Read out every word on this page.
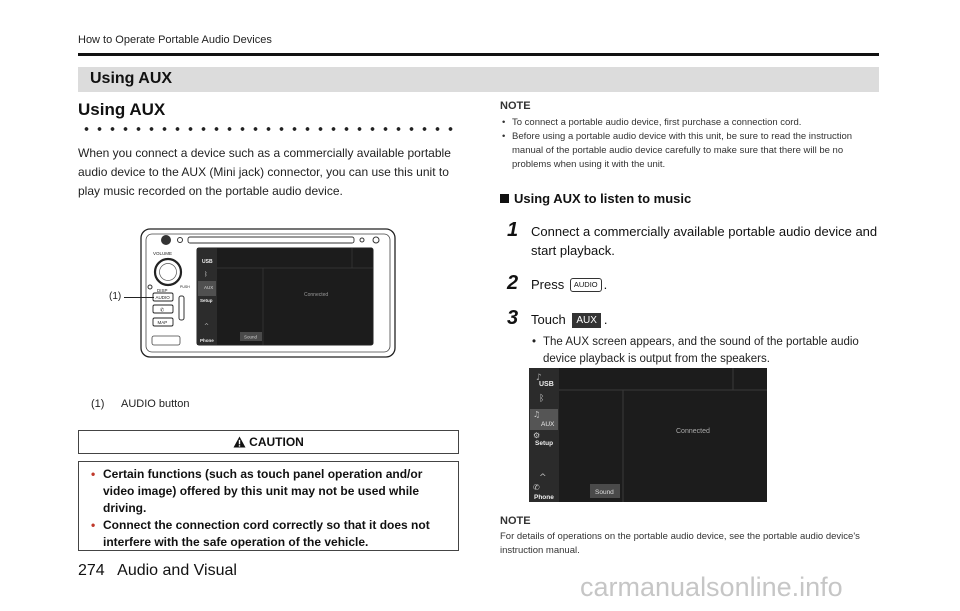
How to Operate Portable Audio Devices
Using AUX
Using AUX
When you connect a device such as a commercially available portable audio device to the AUX (Mini jack) connector, you can use this unit to play music recorded on the portable audio device.
VOLUME
PUSH
DISP
AUDIO
✆
MAP
USB
ᛒ
AUX
Setup
^
Phone
Connected
Sound
(1)
(1) AUDIO button
CAUTION
• Certain functions (such as touch panel operation and/or video image) offered by this unit may not be used while driving.
• Connect the connection cord correctly so that it does not interfere with the safe operation of the vehicle.
274   Audio and Visual
NOTE
• To connect a portable audio device, first purchase a connection cord.
• Before using a portable audio device with this unit, be sure to read the instruction manual of the portable audio device carefully to make sure that there will be no problems when using it with the unit.
Using AUX to listen to music
1 Connect a commercially available portable audio device and start playback.
2 Press AUDIO .
3 Touch AUX .
• The AUX screen appears, and the sound of the portable audio device playback is output from the speakers.
♪
USB
ᛒ
♫
AUX
⚙
Setup
^
✆
Phone
Connected
Sound
NOTE
For details of operations on the portable audio device, see the portable audio device's instruction manual.
carmanualsonline.info
